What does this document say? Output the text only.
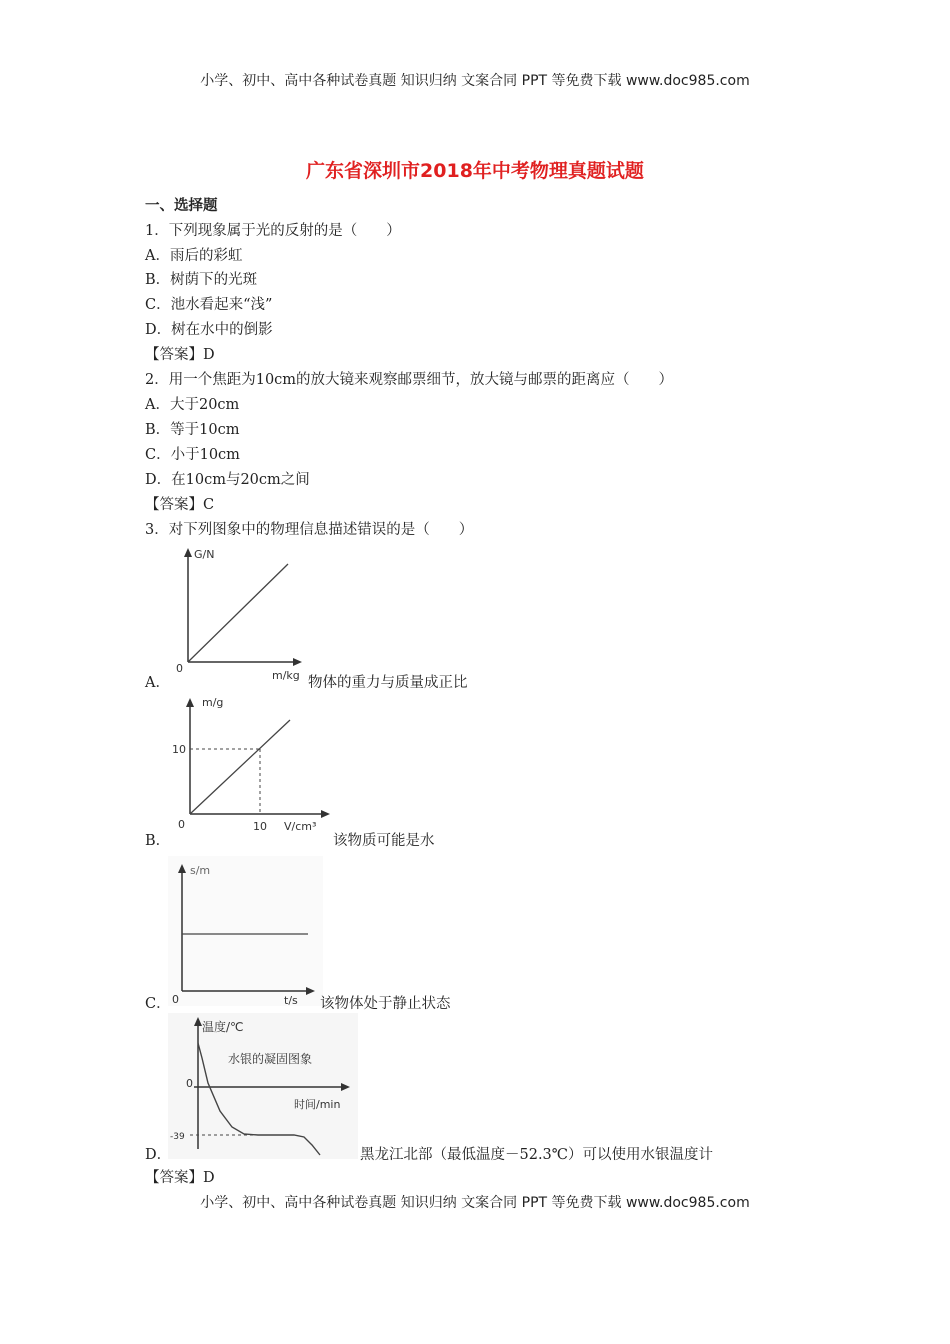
小学、初中、高中各种试卷真题 知识归纳 文案合同 PPT 等免费下载 www.doc985.com
广东省深圳市2018年中考物理真题试题
一、选择题
1．下列现象属于光的反射的是（　　）
A．雨后的彩虹
B．树荫下的光斑
C．池水看起来“浅”
D．树在水中的倒影
【答案】D
2．用一个焦距为10cm的放大镜来观察邮票细节，放大镜与邮票的距离应（　　）
A．大于20cm
B．等于10cm
C．小于10cm
D．在10cm与20cm之间
【答案】C
3．对下列图象中的物理信息描述错误的是（　　）
G/N
0
m/kg
A．	物体的重力与质量成正比
m/g
10
0	10 V/cm³
B．	该物质可能是水
s/m
0	t/s
C．	该物体处于静止状态
温度/℃
水银的凝固图象
0
时间/min
-39
D．	黑龙江北部（最低温度－52.3℃）可以使用水银温度计
【答案】D
小学、初中、高中各种试卷真题 知识归纳 文案合同 PPT 等免费下载 www.doc985.com
